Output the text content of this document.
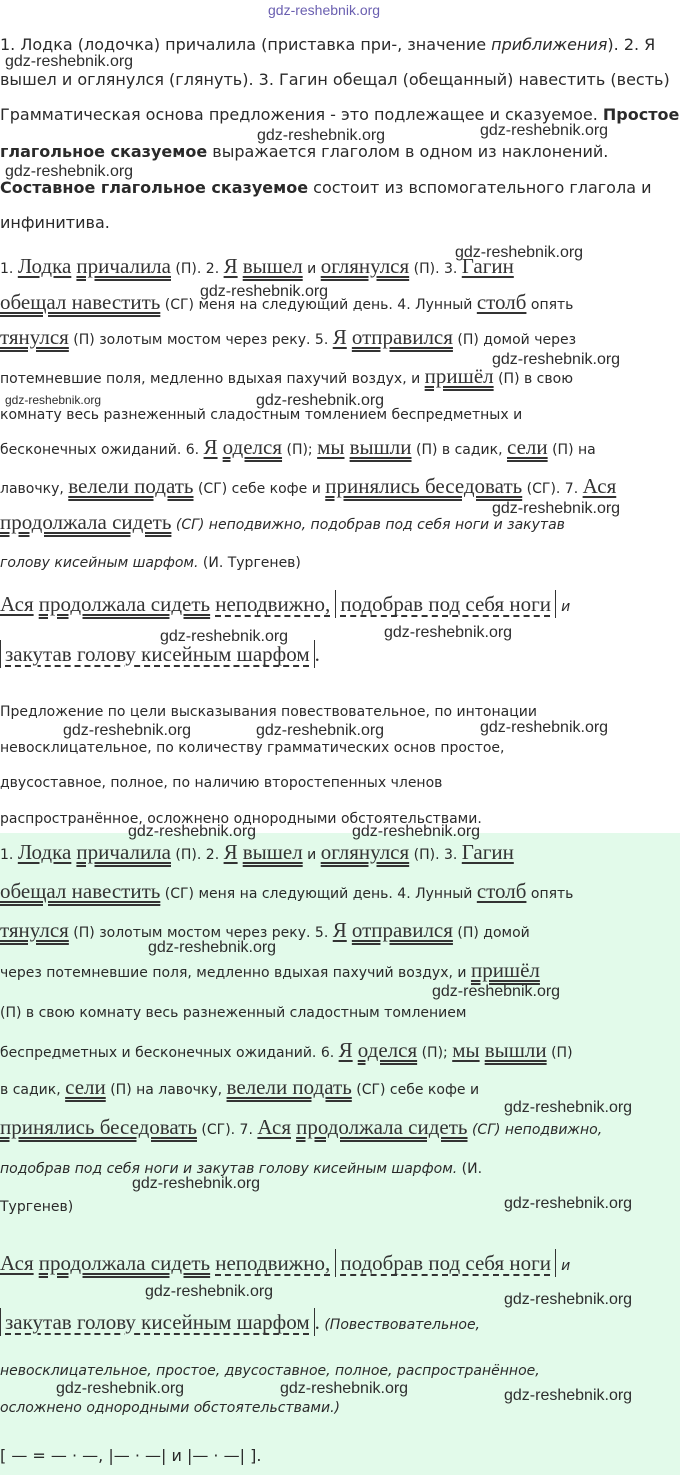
gdz-reshebnik.org
1. Лодка (лодочка) причалила (приставка при-, значение приближения). 2. Я
вышел и оглянулся (глянуть). 3. Гагин обещал (обещанный) навестить (весть)
Грамматическая основа предложения - это подлежащее и сказуемое. Простое
глагольное сказуемое выражается глаголом в одном из наклонений.
Составное глагольное сказуемое состоит из вспомогательного глагола и
инфинитива.
1. Лодка причалила (П). 2. Я вышел и оглянулся (П). 3. Гагин
обещал навестить (СГ) меня на следующий день. 4. Лунный столб опять
тянулся (П) золотым мостом через реку. 5. Я отправился (П) домой через
потемневшие поля, медленно вдыхая пахучий воздух, и пришёл (П) в свою
комнату весь разнеженный сладостным томлением беспредметных и
бесконечных ожиданий. 6. Я оделся (П); мы вышли (П) в садик, сели (П) на
лавочку, велели подать (СГ) себе кофе и принялись беседовать (СГ). 7. Ася
продолжала сидеть (СГ) неподвижно, подобрав под себя ноги и закутав
голову кисейным шарфом. (И. Тургенев)
Ася продолжала сидеть неподвижно, подобрав под себя ноги и
закутав голову кисейным шарфом .
Предложение по цели высказывания повествовательное, по интонации
невосклицательное, по количеству грамматических основ простое,
двусоставное, полное, по наличию второстепенных членов
распространённое, осложнено однородными обстоятельствами.
1. Лодка причалила (П). 2. Я вышел и оглянулся (П). 3. Гагин
обещал навестить (СГ) меня на следующий день. 4. Лунный столб опять
тянулся (П) золотым мостом через реку. 5. Я отправился (П) домой
через потемневшие поля, медленно вдыхая пахучий воздух, и пришёл
(П) в свою комнату весь разнеженный сладостным томлением
беспредметных и бесконечных ожиданий. 6. Я оделся (П); мы вышли (П)
в садик, сели (П) на лавочку, велели подать (СГ) себе кофе и
принялись беседовать (СГ). 7. Ася продолжала сидеть (СГ) неподвижно,
подобрав под себя ноги и закутав голову кисейным шарфом. (И.
Тургенев)
Ася продолжала сидеть неподвижно, подобрав под себя ноги и
закутав голову кисейным шарфом . (Повествовательное,
невосклицательное, простое, двусоставное, полное, распространённое,
осложнено однородными обстоятельствами.)
[ — = — · —, |— · —| и |— · —| ].
gdz-reshebnik.org
gdz-reshebnik.org	gdz-reshebnik.org
gdz-reshebnik.org
gdz-reshebnik.org
gdz-reshebnik.org
gdz-reshebnik.org
gdz-reshebnik.org	gdz-reshebnik.org
gdz-reshebnik.org
gdz-reshebnik.org	gdz-reshebnik.org
gdz-reshebnik.org
gdz-reshebnik.org	gdz-reshebnik.org
gdz-reshebnik.org	gdz-reshebnik.org
gdz-reshebnik.org
gdz-reshebnik.org
gdz-reshebnik.org
gdz-reshebnik.org
gdz-reshebnik.org
gdz-reshebnik.org	gdz-reshebnik.org
gdz-reshebnik.org	gdz-reshebnik.org	gdz-reshebnik.org
